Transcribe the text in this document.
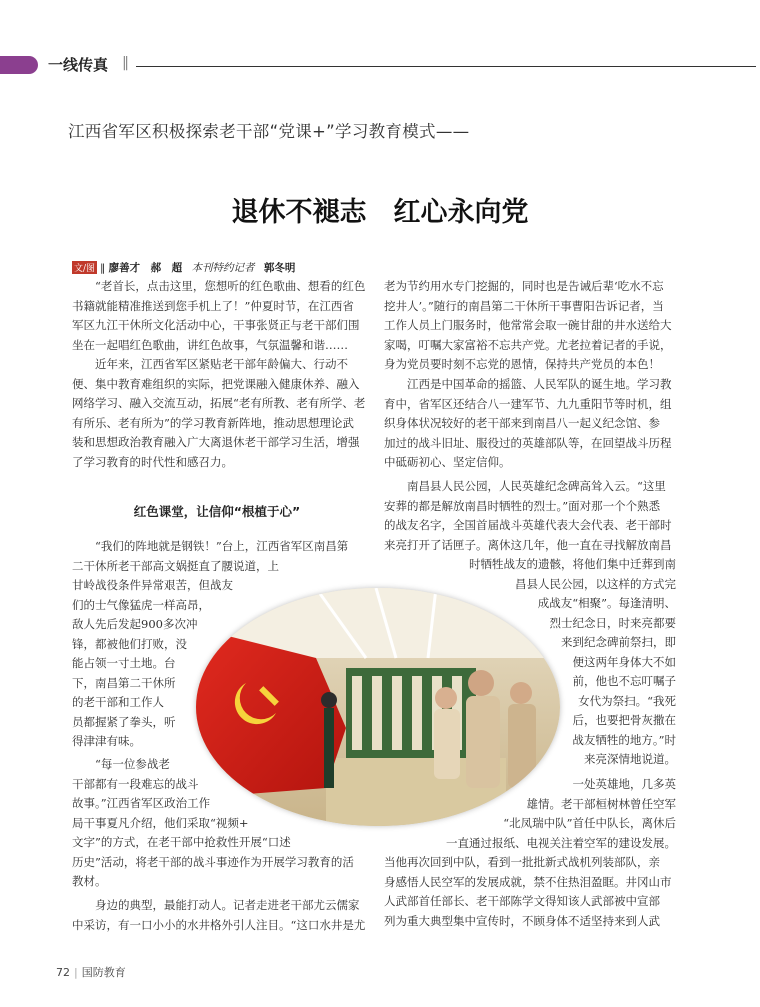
一线传真 ‖
江西省军区积极探索老干部“党课+”学习教育模式——
退休不褪志　红心永向党
文/图 ‖ 廖善才　郝　超 本刊特约记者 郭冬明
　　“老首长，点击这里，您想听的红色歌曲、想看的红色
书籍就能精准推送到您手机上了！”仲夏时节，在江西省
军区九江干休所文化活动中心，干事张贤正与老干部们围
坐在一起唱红色歌曲，讲红色故事，气氛温馨和谐……
　　近年来，江西省军区紧贴老干部年龄偏大、行动不
便、集中教育难组织的实际，把党课融入健康休养、融入
网络学习、融入交流互动，拓展“老有所教、老有所学、老
有所乐、老有所为”的学习教育新阵地，推动思想理论武
装和思想政治教育融入广大离退休老干部学习生活，增强
了学习教育的时代性和感召力。
红色课堂，让信仰“根植于心”
　　“我们的阵地就是钢铁！”台上，江西省军区南昌第
二干休所老干部高文娲挺直了腰说道，上
甘岭战役条件异常艰苦，但战友
们的士气像猛虎一样高昂，
敌人先后发起900多次冲
锋，都被他们打败，没
能占领一寸土地。台
下，南昌第二干休所
的老干部和工作人
员都握紧了拳头，听
得津津有味。
　　“每一位参战老
干部都有一段难忘的战斗
故事。”江西省军区政治工作
局干事夏凡介绍，他们采取“视频+
文字”的方式，在老干部中抢救性开展“口述
历史”活动，将老干部的战斗事迹作为开展学习教育的活
教材。
　　身边的典型，最能打动人。记者走进老干部尤云儒家
中采访，有一口小小的水井格外引人注目。“这口水井是尤
老为节约用水专门挖掘的，同时也是告诫后辈‘吃水不忘
挖井人’。”随行的南昌第二干休所干事曹阳告诉记者，当
工作人员上门服务时，他常常会取一碗甘甜的井水送给大
家喝，叮嘱大家富裕不忘共产党。尤老拉着记者的手说，
身为党员要时刻不忘党的恩情，保持共产党员的本色！
　　江西是中国革命的摇篮、人民军队的诞生地。学习教
育中，省军区还结合八一建军节、九九重阳节等时机，组
织身体状况较好的老干部来到南昌八一起义纪念馆、参
加过的战斗旧址、服役过的英雄部队等，在回望战斗历程
中砥砺初心、坚定信仰。
　　南昌县人民公园，人民英雄纪念碑高耸入云。“这里
安葬的都是解放南昌时牺牲的烈士。”面对那一个个熟悉
的战友名字，全国首届战斗英雄代表大会代表、老干部时
来亮打开了话匣子。离休这几年，他一直在寻找解放南昌
时牺牲战友的遗骸，将他们集中迁葬到南
昌县人民公园，以这样的方式完
成战友“相聚”。每逢清明、
烈士纪念日，时来亮都要
来到纪念碑前祭扫，即
便这两年身体大不如
前，他也不忘叮嘱子
女代为祭扫。“我死
后，也要把骨灰撒在
战友牺牲的地方。”时
来亮深情地说道。
　　一处英雄地，几多英
雄情。老干部桓树林曾任空军
“北凤瑞中队”首任中队长，离休后
一直通过报纸、电视关注着空军的建设发展。
当他再次回到中队，看到一批批新式战机列装部队，亲
身感悟人民空军的发展成就，禁不住热泪盈眶。井冈山市
人武部首任部长、老干部陈学文得知该人武部被中宣部
列为重大典型集中宣传时，不顾身体不适坚持来到人武
72 | 国防教育
